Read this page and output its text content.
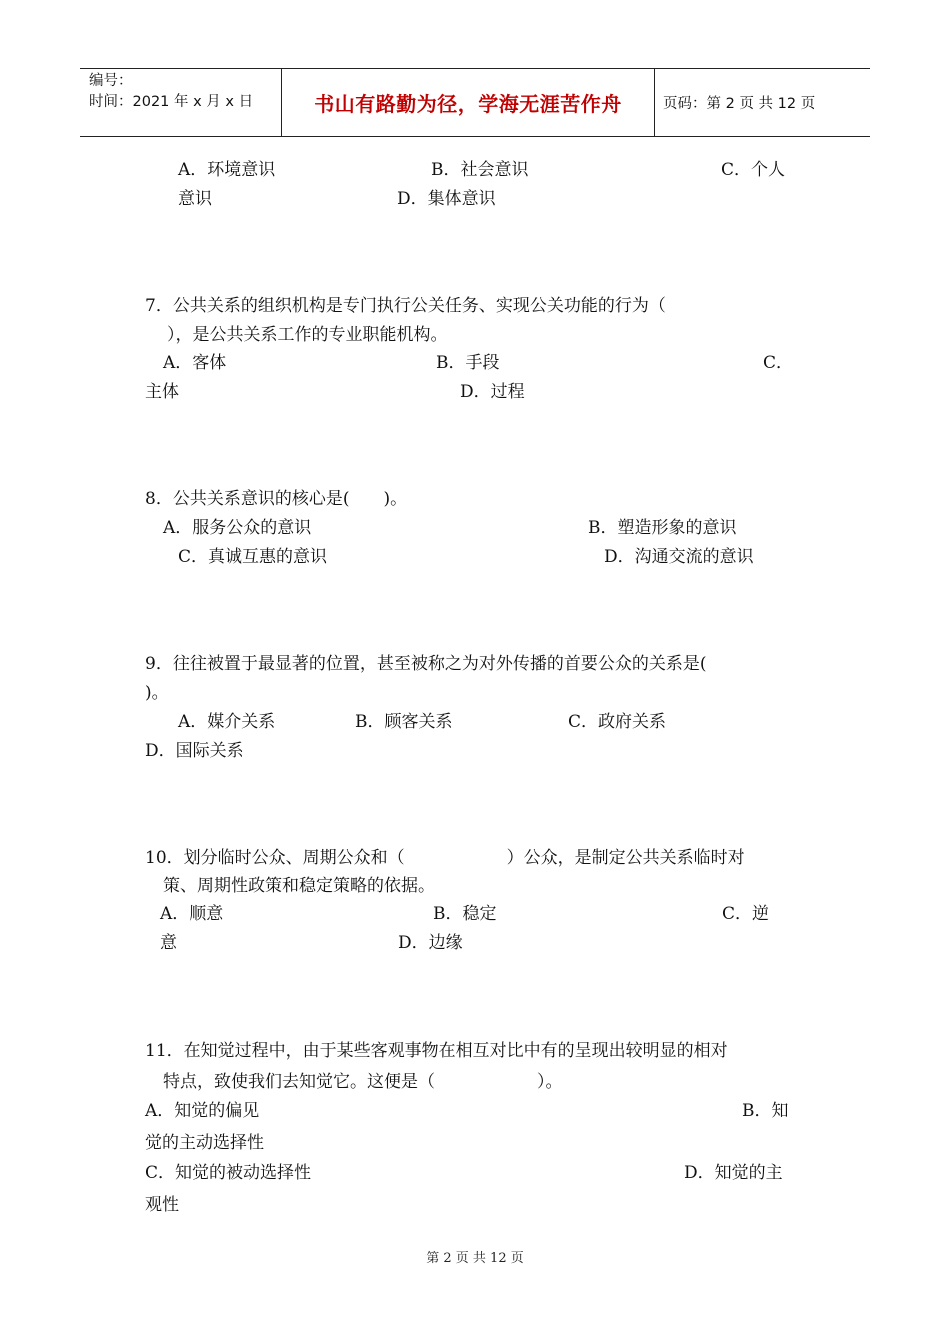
编号：
时间：2021 年 x 月 x 日	书山有路勤为径，学海无涯苦作舟	页码：第 2 页 共 12 页
A．环境意识	B．社会意识	C．个人
意识	D．集体意识
7．公共关系的组织机构是专门执行公关任务、实现公关功能的行为（
），是公共关系工作的专业职能机构。
A．客体	B．手段	C．
主体	D．过程
8．公共关系意识的核心是(　　)。
A．服务公众的意识	B．塑造形象的意识
C．真诚互惠的意识	D．沟通交流的意识
9．往往被置于最显著的位置，甚至被称之为对外传播的首要公众的关系是(
)。
A．媒介关系	B．顾客关系	C．政府关系
D．国际关系
10．划分临时公众、周期公众和（　　　　　　）公众，是制定公共关系临时对
策、周期性政策和稳定策略的依据。
A．顺意	B．稳定	C．逆
意	D．边缘
11．在知觉过程中，由于某些客观事物在相互对比中有的呈现出较明显的相对
特点，致使我们去知觉它。这便是（　　　　　　）。
A．知觉的偏见	B．知
觉的主动选择性
C．知觉的被动选择性	D．知觉的主
观性
第 2 页 共 12 页
